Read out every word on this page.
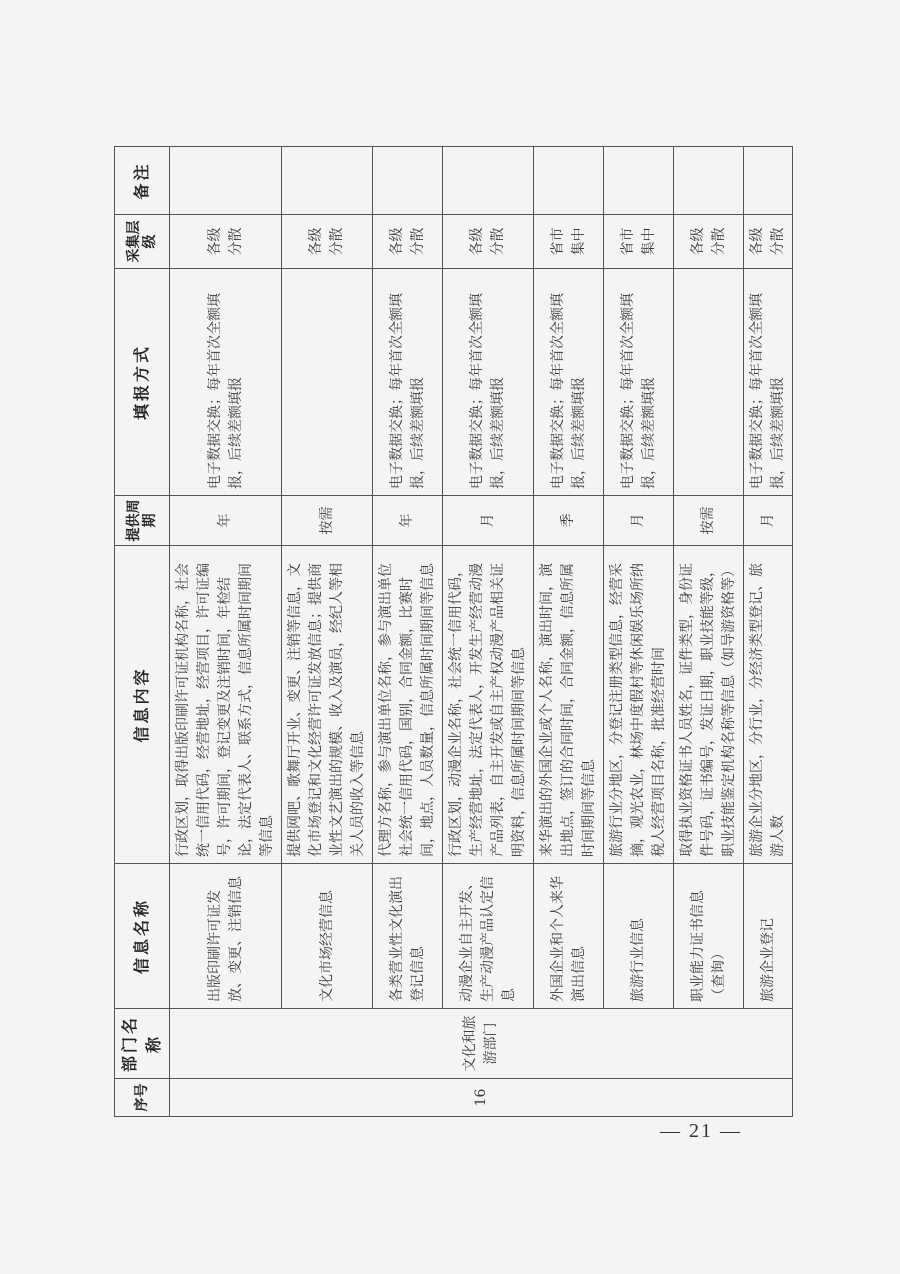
序号	部门名称	信息名称	信息内容	提供周期	填报方式	采集层级	备注
16	文化和旅游部门	出版印刷许可证发放、变更、注销信息	行政区划，取得出版印刷许可证机构名称，社会统一信用代码，经营地址，经营项目，许可证编号，许可期间，登记变更及注销时间，年检结论，法定代表人、联系方式，信息所属时间期间等信息	年	电子数据交换；每年首次全额填报，后续差额填报	各级分散	
		文化市场经营信息	提供网吧、歌舞厅开业、变更、注销等信息，文化市场登记和文化经营许可证发放信息；提供商业性文艺演出的规模、收入及演员，经纪人等相关人员的收入等信息	按需		各级分散	
		各类营业性文化演出登记信息	代理方名称，参与演出单位名称，参与演出单位社会统一信用代码，国别，合同金额，比赛时间，地点，人员数量，信息所属时间期间等信息	年	电子数据交换；每年首次全额填报，后续差额填报	各级分散	
		动漫企业自主开发、生产动漫产品认定信息	行政区划，动漫企业名称，社会统一信用代码，生产经营地址，法定代表人，开发生产经营动漫产品列表，自主开发或自主产权动漫产品相关证明资料，信息所属时间期间等信息	月	电子数据交换；每年首次全额填报，后续差额填报	各级分散	
		外国企业和个人来华演出信息	来华演出的外国企业或个人名称，演出时间，演出地点，签订的合同时间，合同金额，信息所属时间期间等信息	季	电子数据交换；每年首次全额填报，后续差额填报	省市集中	
		旅游行业信息	旅游行业分地区，分登记注册类型信息，经营采摘，观光农业，林场中度假村等休闲娱乐场所纳税人经营项目名称，批准经营时间	月	电子数据交换；每年首次全额填报，后续差额填报	省市集中	
		职业能力证书信息（查询）	取得执业资格证书人员姓名，证件类型，身份证件号码，证书编号，发证日期，职业技能等级，职业技能鉴定机构名称等信息（如导游资格等）	按需		各级分散	
		旅游企业登记	旅游企业分地区，分行业，分经济类型登记、旅游人数	月	电子数据交换；每年首次全额填报，后续差额填报	各级分散	
— 21 —
